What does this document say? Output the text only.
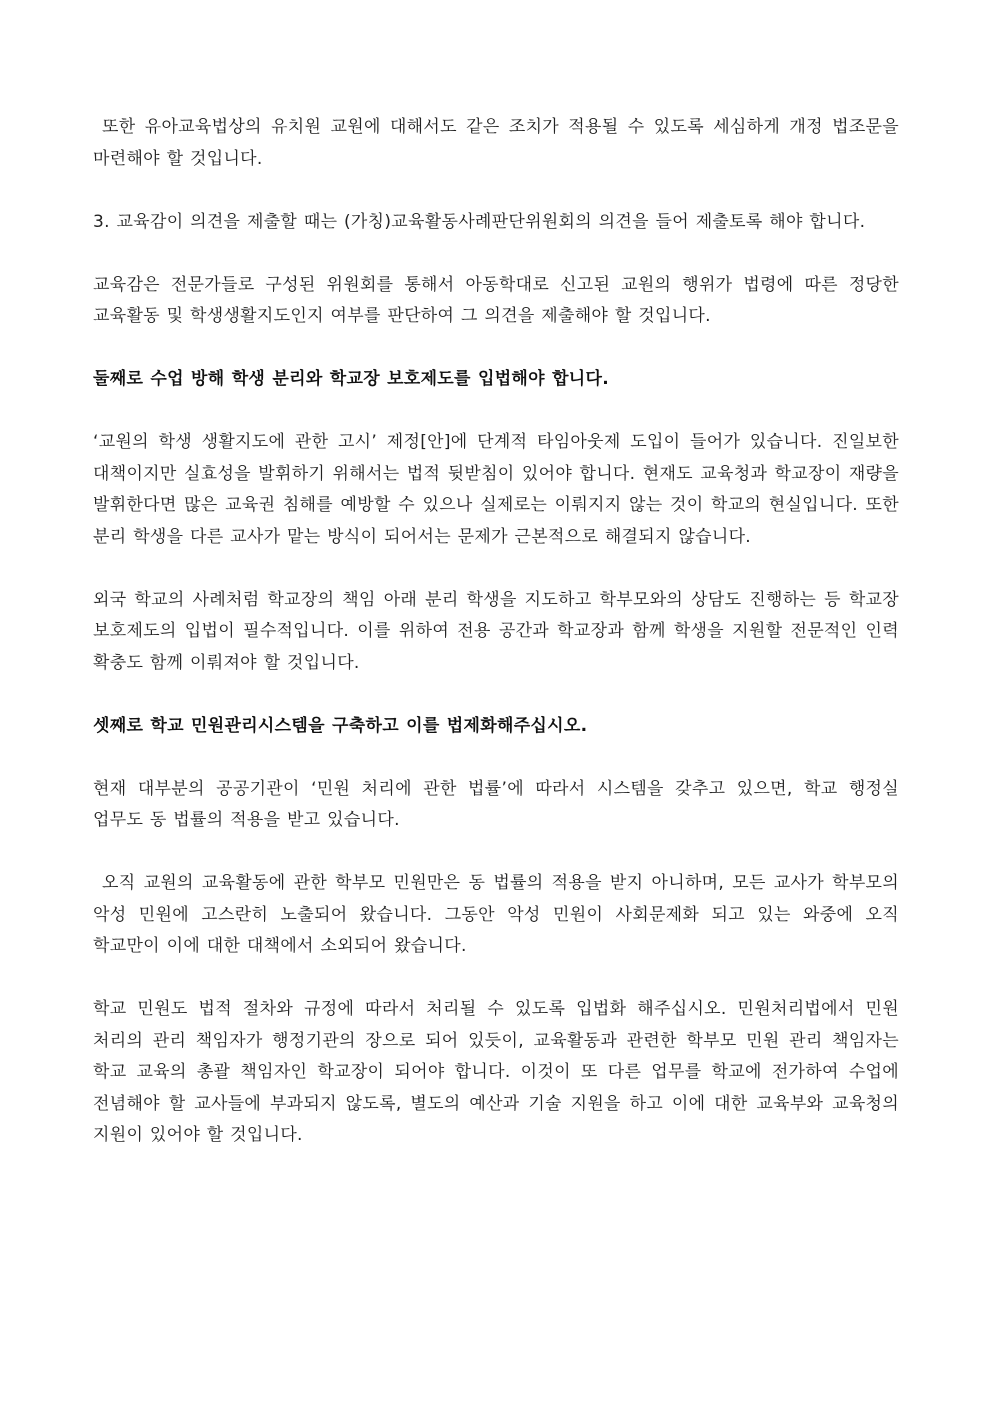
또한 유아교육법상의 유치원 교원에 대해서도 같은 조치가 적용될 수 있도록 세심하게 개정 법조문을 마련해야 할 것입니다.

3. 교육감이 의견을 제출할 때는 (가칭)교육활동사례판단위원회의 의견을 들어 제출토록 해야 합니다.

교육감은 전문가들로 구성된 위원회를 통해서 아동학대로 신고된 교원의 행위가 법령에 따른 정당한 교육활동 및 학생생활지도인지 여부를 판단하여 그 의견을 제출해야 할 것입니다.

둘째로 수업 방해 학생 분리와 학교장 보호제도를 입법해야 합니다.

‘교원의 학생 생활지도에 관한 고시’ 제정[안]에 단계적 타임아웃제 도입이 들어가 있습니다. 진일보한 대책이지만 실효성을 발휘하기 위해서는 법적 뒷받침이 있어야 합니다. 현재도 교육청과 학교장이 재량을 발휘한다면 많은 교육권 침해를 예방할 수 있으나 실제로는 이뤄지지 않는 것이 학교의 현실입니다. 또한 분리 학생을 다른 교사가 맡는 방식이 되어서는 문제가 근본적으로 해결되지 않습니다.

외국 학교의 사례처럼 학교장의 책임 아래 분리 학생을 지도하고 학부모와의 상담도 진행하는 등 학교장 보호제도의 입법이 필수적입니다. 이를 위하여 전용 공간과 학교장과 함께 학생을 지원할 전문적인 인력 확충도 함께 이뤄져야 할 것입니다.

셋째로 학교 민원관리시스템을 구축하고 이를 법제화해주십시오.

현재 대부분의 공공기관이 ‘민원 처리에 관한 법률’에 따라서 시스템을 갖추고 있으면, 학교 행정실 업무도 동 법률의 적용을 받고 있습니다.

오직 교원의 교육활동에 관한 학부모 민원만은 동 법률의 적용을 받지 아니하며, 모든 교사가 학부모의 악성 민원에 고스란히 노출되어 왔습니다. 그동안 악성 민원이 사회문제화 되고 있는 와중에 오직 학교만이 이에 대한 대책에서 소외되어 왔습니다.

학교 민원도 법적 절차와 규정에 따라서 처리될 수 있도록 입법화 해주십시오. 민원처리법에서 민원 처리의 관리 책임자가 행정기관의 장으로 되어 있듯이, 교육활동과 관련한 학부모 민원 관리 책임자는 학교 교육의 총괄 책임자인 학교장이 되어야 합니다. 이것이 또 다른 업무를 학교에 전가하여 수업에 전념해야 할 교사들에 부과되지 않도록, 별도의 예산과 기술 지원을 하고 이에 대한 교육부와 교육청의 지원이 있어야 할 것입니다.
